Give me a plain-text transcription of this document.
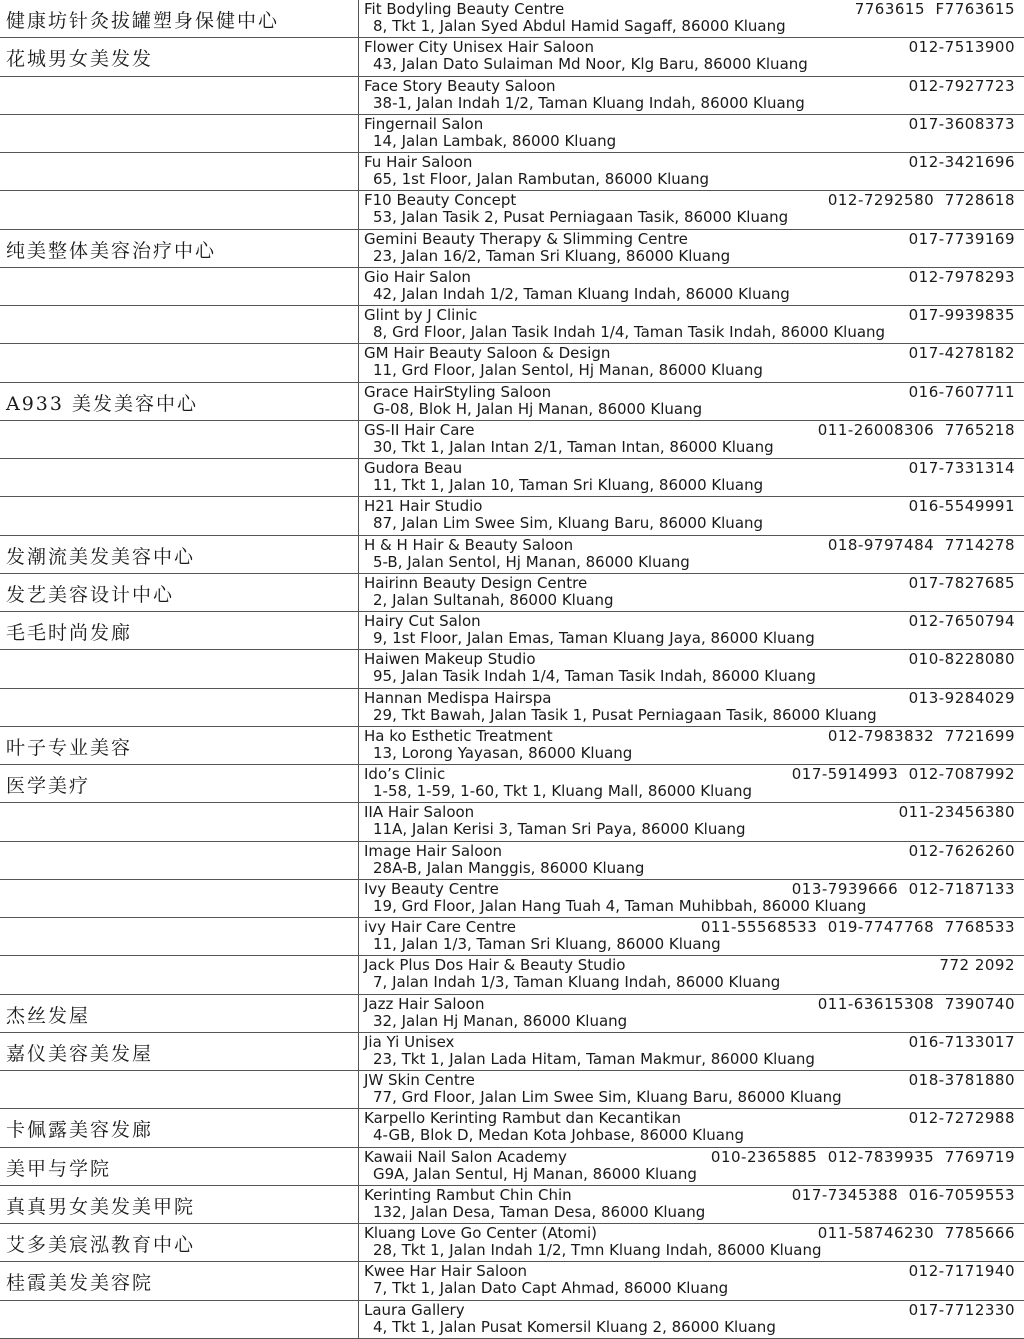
健康坊针灸拔罐塑身保健中心
Fit Bodyling Beauty Centre
8, Tkt 1, Jalan Syed Abdul Hamid Sagaff, 86000 Kluang
7763615  F7763615
花城男女美发发
Flower City Unisex Hair Saloon
43, Jalan Dato Sulaiman Md Noor, Klg Baru, 86000 Kluang
012-7513900
Face Story Beauty Saloon
38-1, Jalan Indah 1/2, Taman Kluang Indah, 86000 Kluang
012-7927723
Fingernail Salon
14, Jalan Lambak, 86000 Kluang
017-3608373
Fu Hair Saloon
65, 1st Floor, Jalan Rambutan, 86000 Kluang
012-3421696
F10 Beauty Concept
53, Jalan Tasik 2, Pusat Perniagaan Tasik, 86000 Kluang
012-7292580  7728618
纯美整体美容治疗中心
Gemini Beauty Therapy & Slimming Centre
23, Jalan 16/2, Taman Sri Kluang, 86000 Kluang
017-7739169
Gio Hair Salon
42, Jalan Indah 1/2, Taman Kluang Indah, 86000 Kluang
012-7978293
Glint by J Clinic
8, Grd Floor, Jalan Tasik Indah 1/4, Taman Tasik Indah, 86000 Kluang
017-9939835
GM Hair Beauty Saloon & Design
11, Grd Floor, Jalan Sentol, Hj Manan, 86000 Kluang
017-4278182
A933 美发美容中心
Grace HairStyling Saloon
G-08, Blok H, Jalan Hj Manan, 86000 Kluang
016-7607711
GS-II Hair Care
30, Tkt 1, Jalan Intan 2/1, Taman Intan, 86000 Kluang
011-26008306  7765218
Gudora Beau
11, Tkt 1, Jalan 10, Taman Sri Kluang, 86000 Kluang
017-7331314
H21 Hair Studio
87, Jalan Lim Swee Sim, Kluang Baru, 86000 Kluang
016-5549991
发潮流美发美容中心
H & H Hair & Beauty Saloon
5-B, Jalan Sentol, Hj Manan, 86000 Kluang
018-9797484  7714278
发艺美容设计中心
Hairinn Beauty Design Centre
2, Jalan Sultanah, 86000 Kluang
017-7827685
毛毛时尚发廊
Hairy Cut Salon
9, 1st Floor, Jalan Emas, Taman Kluang Jaya, 86000 Kluang
012-7650794
Haiwen Makeup Studio
95, Jalan Tasik Indah 1/4, Taman Tasik Indah, 86000 Kluang
010-8228080
Hannan Medispa Hairspa
29, Tkt Bawah, Jalan Tasik 1, Pusat Perniagaan Tasik, 86000 Kluang
013-9284029
叶子专业美容
Ha ko Esthetic Treatment
13, Lorong Yayasan, 86000 Kluang
012-7983832  7721699
医学美疗
Ido’s Clinic
1-58, 1-59, 1-60, Tkt 1, Kluang Mall, 86000 Kluang
017-5914993  012-7087992
IIA Hair Saloon
11A, Jalan Kerisi 3, Taman Sri Paya, 86000 Kluang
011-23456380
Image Hair Saloon
28A-B, Jalan Manggis, 86000 Kluang
012-7626260
Ivy Beauty Centre
19, Grd Floor, Jalan Hang Tuah 4, Taman Muhibbah, 86000 Kluang
013-7939666  012-7187133
ivy Hair Care Centre
11, Jalan 1/3, Taman Sri Kluang, 86000 Kluang
011-55568533  019-7747768  7768533
Jack Plus Dos Hair & Beauty Studio
7, Jalan Indah 1/3, Taman Kluang Indah, 86000 Kluang
772 2092
杰丝发屋
Jazz Hair Saloon
32, Jalan Hj Manan, 86000 Kluang
011-63615308  7390740
嘉仪美容美发屋
Jia Yi Unisex
23, Tkt 1, Jalan Lada Hitam, Taman Makmur, 86000 Kluang
016-7133017
JW Skin Centre
77, Grd Floor, Jalan Lim Swee Sim, Kluang Baru, 86000 Kluang
018-3781880
卡佩露美容发廊
Karpello Kerinting Rambut dan Kecantikan
4-GB, Blok D, Medan Kota Johbase, 86000 Kluang
012-7272988
美甲与学院
Kawaii Nail Salon Academy
G9A, Jalan Sentul, Hj Manan, 86000 Kluang
010-2365885  012-7839935  7769719
真真男女美发美甲院
Kerinting Rambut Chin Chin
132, Jalan Desa, Taman Desa, 86000 Kluang
017-7345388  016-7059553
艾多美宸泓教育中心
Kluang Love Go Center (Atomi)
28, Tkt 1, Jalan Indah 1/2, Tmn Kluang Indah, 86000 Kluang
011-58746230  7785666
桂霞美发美容院
Kwee Har Hair Saloon
7, Tkt 1, Jalan Dato Capt Ahmad, 86000 Kluang
012-7171940
Laura Gallery
4, Tkt 1, Jalan Pusat Komersil Kluang 2, 86000 Kluang
017-7712330
